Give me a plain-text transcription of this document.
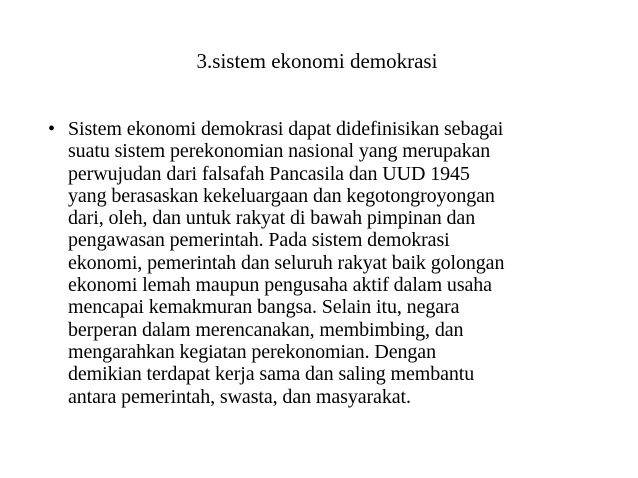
3.sistem ekonomi demokrasi
• Sistem ekonomi demokrasi dapat didefinisikan sebagai
suatu sistem perekonomian nasional yang merupakan
perwujudan dari falsafah Pancasila dan UUD 1945
yang berasaskan kekeluargaan dan kegotongroyongan
dari, oleh, dan untuk rakyat di bawah pimpinan dan
pengawasan pemerintah. Pada sistem demokrasi
ekonomi, pemerintah dan seluruh rakyat baik golongan
ekonomi lemah maupun pengusaha aktif dalam usaha
mencapai kemakmuran bangsa. Selain itu, negara
berperan dalam merencanakan, membimbing, dan
mengarahkan kegiatan perekonomian. Dengan
demikian terdapat kerja sama dan saling membantu
antara pemerintah, swasta, dan masyarakat.
